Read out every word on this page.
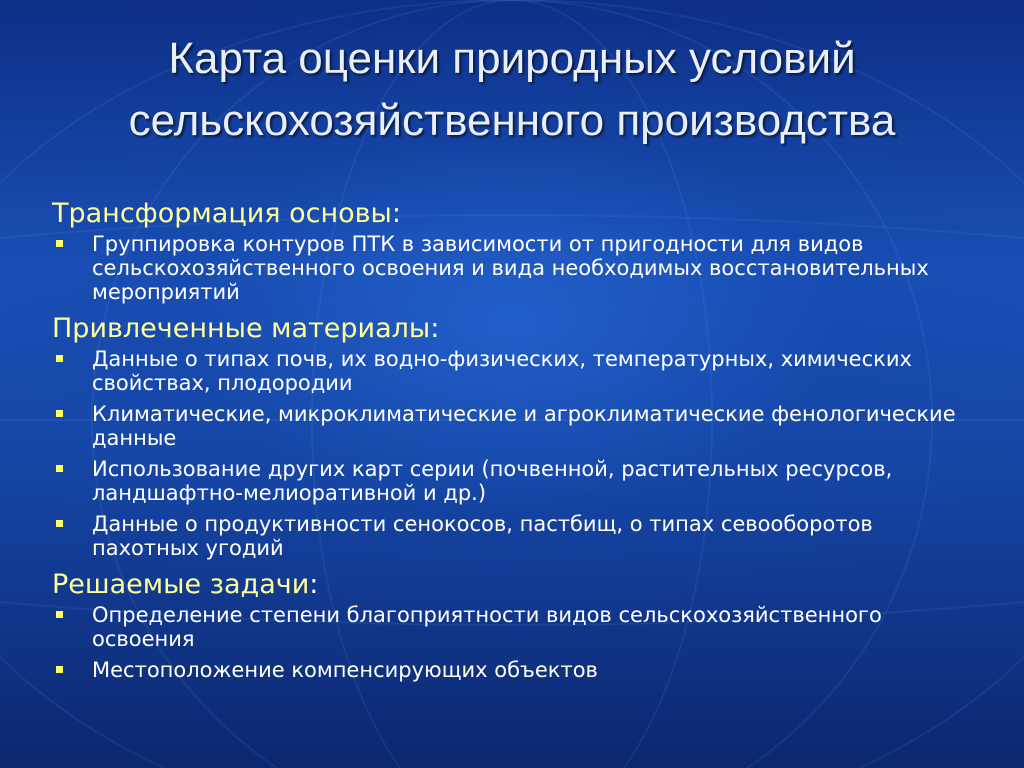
Карта оценки природных условий
сельскохозяйственного производства

Трансформация основы:

Группировка контуров ПТК в зависимости от пригодности для видов сельскохозяйственного освоения и вида необходимых восстановительных мероприятий

Привлеченные материалы:

Данные о типах почв, их водно-физических, температурных, химических свойствах, плодородии
Климатические, микроклиматические и агроклиматические фенологические данные
Использование других карт серии (почвенной, растительных ресурсов, ландшафтно-мелиоративной и др.)
Данные о продуктивности сенокосов, пастбищ, о типах севооборотов пахотных угодий

Решаемые задачи:

Определение степени благоприятности видов сельскохозяйственного освоения
Местоположение компенсирующих объектов
